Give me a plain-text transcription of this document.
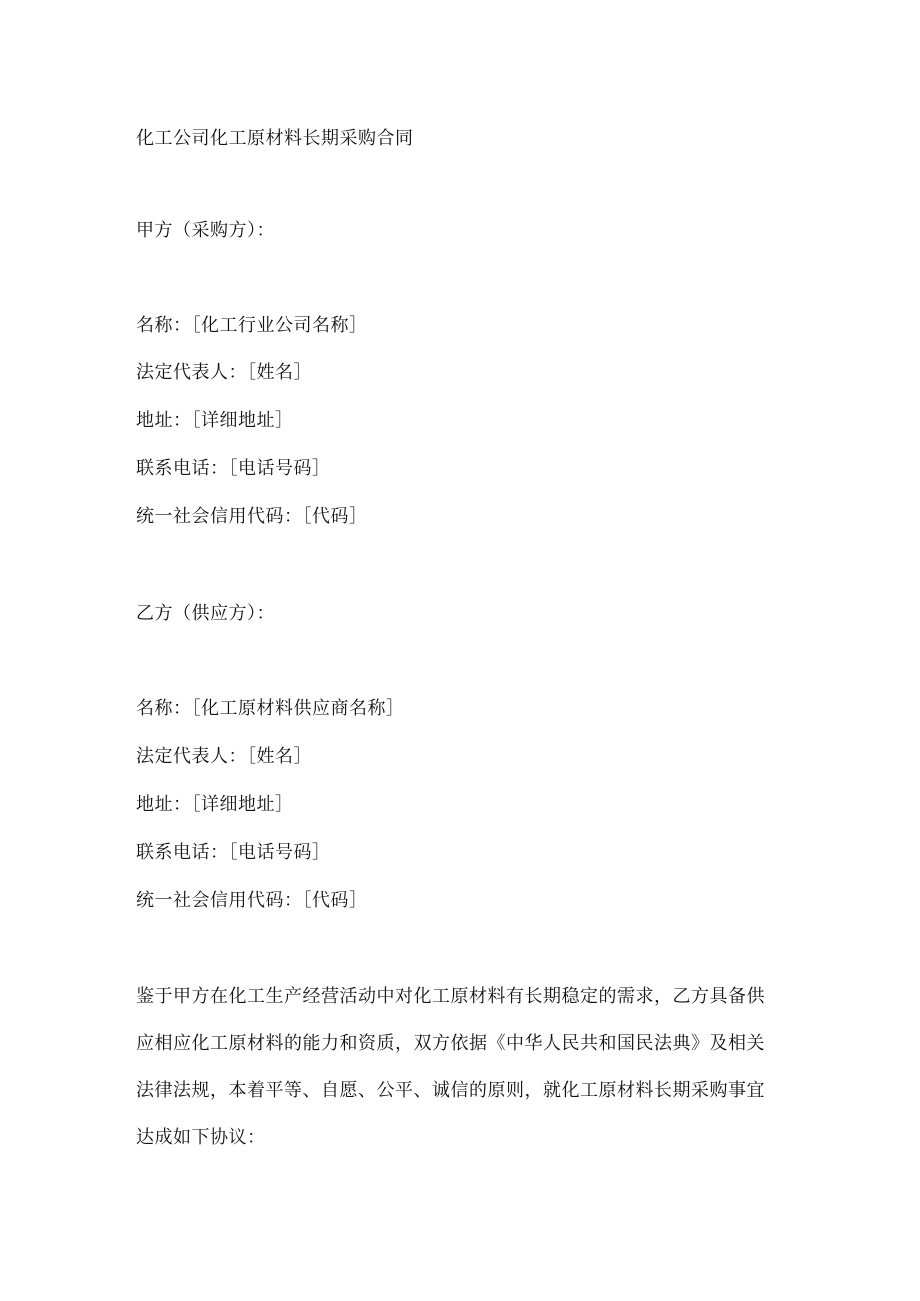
化工公司化工原材料长期采购合同

甲方（采购方）：

名称：［化工行业公司名称］

法定代表人：［姓名］

地址：［详细地址］

联系电话：［电话号码］

统一社会信用代码：［代码］

乙方（供应方）：

名称：［化工原材料供应商名称］

法定代表人：［姓名］

地址：［详细地址］

联系电话：［电话号码］

统一社会信用代码：［代码］

鉴于甲方在化工生产经营活动中对化工原材料有长期稳定的需求，乙方具备供
应相应化工原材料的能力和资质，双方依据《中华人民共和国民法典》及相关
法律法规，本着平等、自愿、公平、诚信的原则，就化工原材料长期采购事宜
达成如下协议：
